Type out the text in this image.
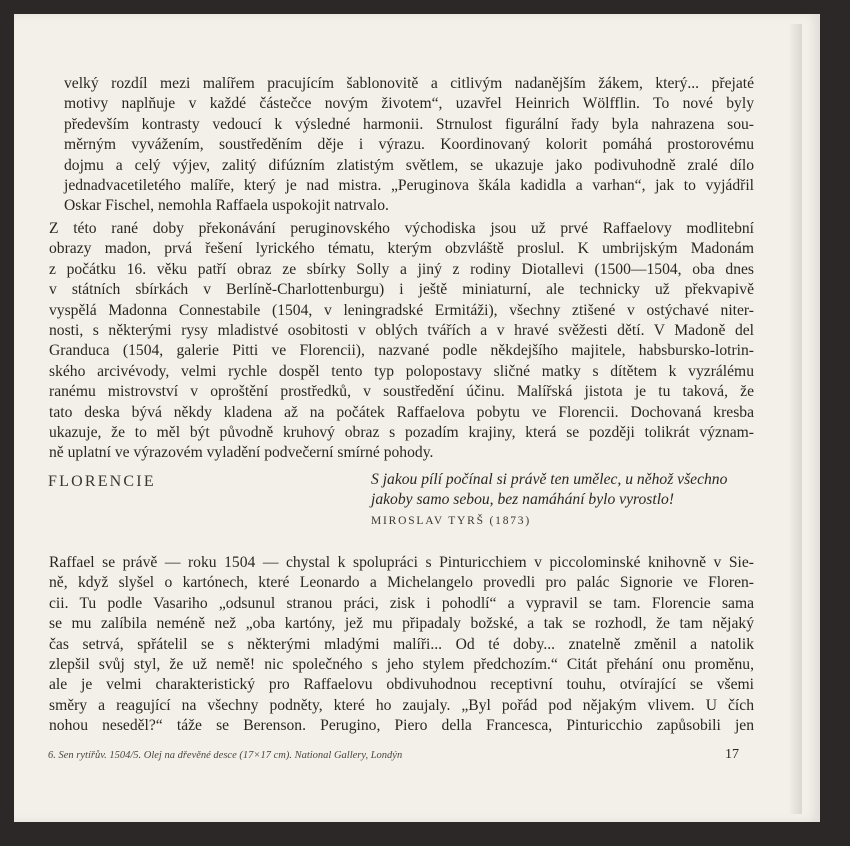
velký rozdíl mezi malířem pracujícím šablonovitě a citlivým nadanějším žákem, který... přejaté
motivy naplňuje v každé částečce novým životem“, uzavřel Heinrich Wölfflin. To nové byly
především kontrasty vedoucí k výsledné harmonii. Strnulost figurální řady byla nahrazena sou-
měrným vyvážením, soustředěním děje i výrazu. Koordinovaný kolorit pomáhá prostorovému
dojmu a celý výjev, zalitý difúzním zlatistým světlem, se ukazuje jako podivuhodně zralé dílo
jednadvacetiletého malíře, který je nad mistra. „Peruginova škála kadidla a varhan“, jak to vyjádřil
Oskar Fischel, nemohla Raffaela uspokojit natrvalo.

Z této rané doby překonávání peruginovského východiska jsou už prvé Raffaelovy modlitební
obrazy madon, prvá řešení lyrického tématu, kterým obzvláště proslul. K umbrijským Madonám
z počátku 16. věku patří obraz ze sbírky Solly a jiný z rodiny Diotallevi (1500—1504, oba dnes
v státních sbírkách v Berlíně-Charlottenburgu) i ještě miniaturní, ale technicky už překvapivě
vyspělá Madonna Connestabile (1504, v leningradské Ermitáži), všechny ztišené v ostýchavé niter-
nosti, s některými rysy mladistvé osobitosti v oblých tvářích a v hravé svěžesti dětí. V Madoně del
Granduca (1504, galerie Pitti ve Florencii), nazvané podle někdejšího majitele, habsbursko-lotrin-
ského arcivévody, velmi rychle dospěl tento typ polopostavy sličné matky s dítětem k vyzrálému
ranému mistrovství v oproštění prostředků, v soustředění účinu. Malířská jistota je tu taková, že
tato deska bývá někdy kladena až na počátek Raffaelova pobytu ve Florencii. Dochovaná kresba
ukazuje, že to měl být původně kruhový obraz s pozadím krajiny, která se později tolikrát význam-
ně uplatní ve výrazovém vyladění podvečerní smírné pohody.

FLORENCIE	S jakou pílí počínal si právě ten umělec, u něhož všechno
jakoby samo sebou, bez namáhání bylo vyrostlo!
MIROSLAV TYRŠ (1873)

Raffael se právě — roku 1504 — chystal k spolupráci s Pinturicchiem v piccolominské knihovně v Sie-
ně, když slyšel o kartónech, které Leonardo a Michelangelo provedli pro palác Signorie ve Floren-
cii. Tu podle Vasariho „odsunul stranou práci, zisk i pohodlí“ a vypravil se tam. Florencie sama
se mu zalíbila neméně než „oba kartóny, jež mu připadaly božské, a tak se rozhodl, že tam nějaký
čas setrvá, spřátelil se s některými mladými malíři... Od té doby... znatelně změnil a natolik
zlepšil svůj styl, že už nemě! nic společného s jeho stylem předchozím.“ Citát přehání onu proměnu,
ale je velmi charakteristický pro Raffaelovu obdivuhodnou receptivní touhu, otvírající se všemi
směry a reagující na všechny podněty, které ho zaujaly. „Byl pořád pod nějakým vlivem. U čích
nohou neseděl?“ táže se Berenson. Perugino, Piero della Francesca, Pinturicchio zapůsobili jen

6. Sen rytířův. 1504/5. Olej na dřevěné desce (17×17 cm). National Gallery, Londýn	17
